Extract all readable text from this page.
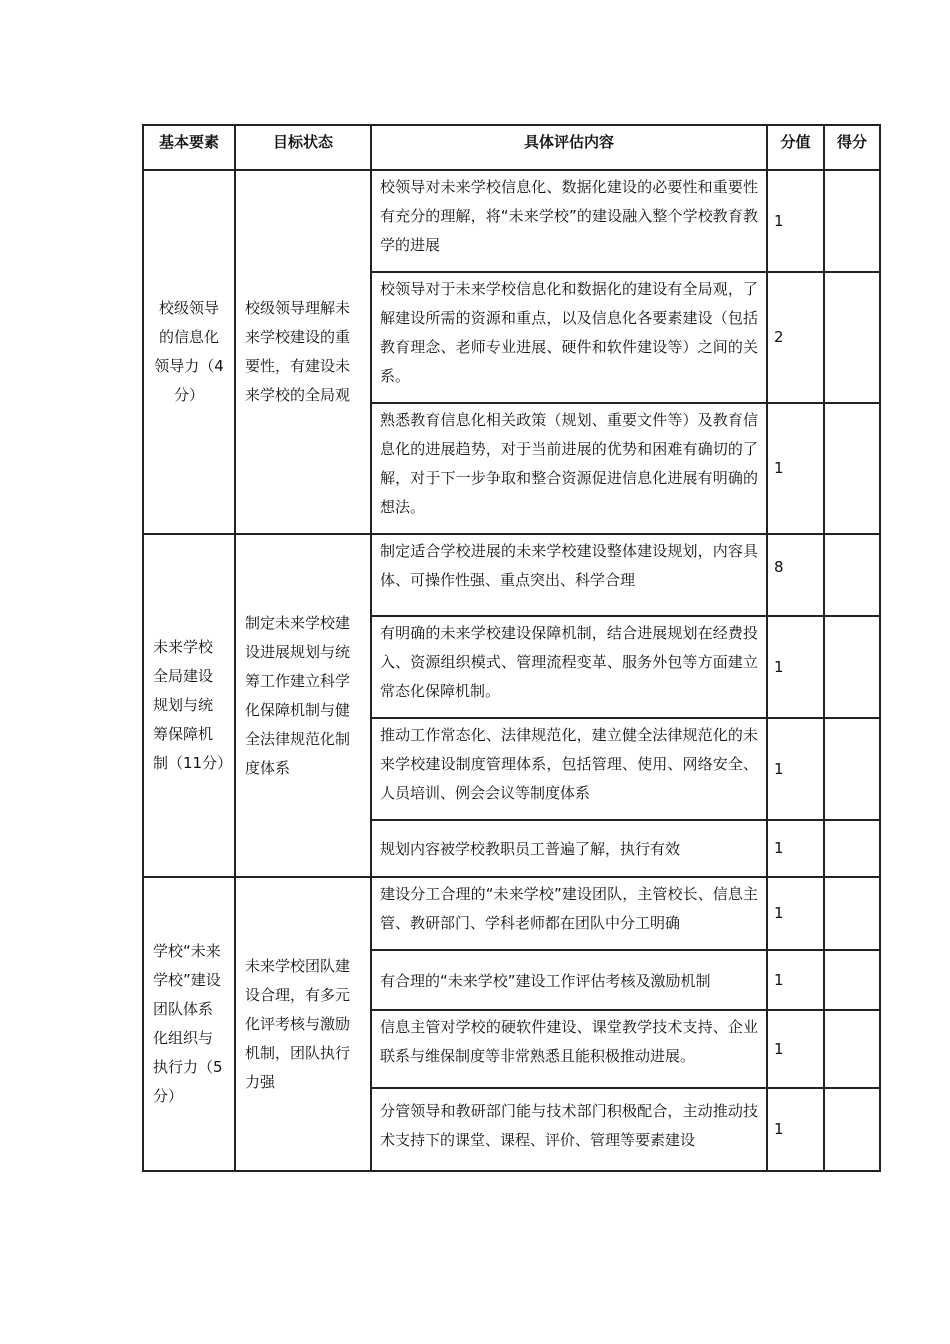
基本要素	目标状态	具体评估内容	分值	得分
校级领导的信息化领导力（4分）	校级领导理解未来学校建设的重要性，有建设未来学校的全局观	校领导对未来学校信息化、数据化建设的必要性和重要性有充分的理解，将“未来学校”的建设融入整个学校教育教学的进展	1	
		校领导对于未来学校信息化和数据化的建设有全局观，了解建设所需的资源和重点，以及信息化各要素建设（包括教育理念、老师专业进展、硬件和软件建设等）之间的关系。	2	
		熟悉教育信息化相关政策（规划、重要文件等）及教育信息化的进展趋势，对于当前进展的优势和困难有确切的了解，对于下一步争取和整合资源促进信息化进展有明确的想法。	1	
未来学校全局建设规划与统筹保障机制（11分）	制定未来学校建设进展规划与统筹工作建立科学化保障机制与健全法律规范化制度体系	制定适合学校进展的未来学校建设整体建设规划，内容具体、可操作性强、重点突出、科学合理	8	
		有明确的未来学校建设保障机制，结合进展规划在经费投入、资源组织模式、管理流程变革、服务外包等方面建立常态化保障机制。	1	
		推动工作常态化、法律规范化，建立健全法律规范化的未来学校建设制度管理体系，包括管理、使用、网络安全、人员培训、例会会议等制度体系	1	
		规划内容被学校教职员工普遍了解，执行有效	1	
学校“未来学校”建设团队体系化组织与执行力（5分）	未来学校团队建设合理，有多元化评考核与激励机制，团队执行力强	建设分工合理的“未来学校”建设团队，主管校长、信息主管、教研部门、学科老师都在团队中分工明确	1	
		有合理的“未来学校”建设工作评估考核及激励机制	1	
		信息主管对学校的硬软件建设、课堂教学技术支持、企业联系与维保制度等非常熟悉且能积极推动进展。	1	
		分管领导和教研部门能与技术部门积极配合，主动推动技术支持下的课堂、课程、评价、管理等要素建设	1	
